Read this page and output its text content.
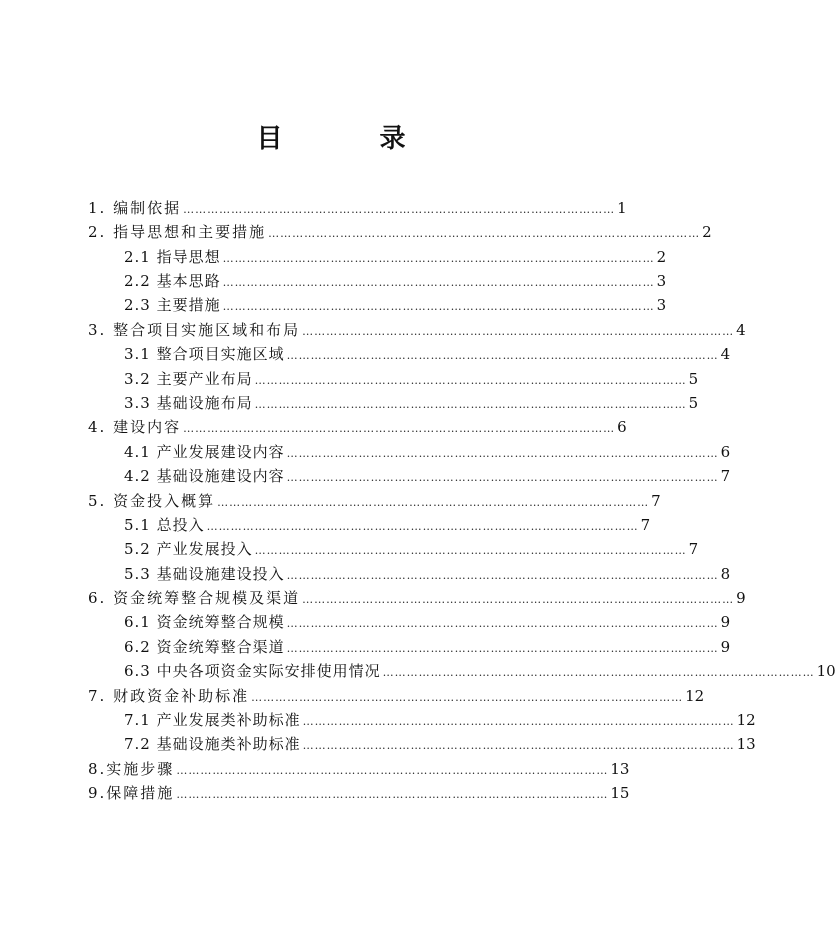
目 录
1. 编制依据 ……………………………………………………………………………………………… 1
2. 指导思想和主要措施 ……………………………………………………………………………………………… 2
2.1 指导思想 ……………………………………………………………………………………………… 2
2.2 基本思路 ……………………………………………………………………………………………… 3
2.3 主要措施 ……………………………………………………………………………………………… 3
3. 整合项目实施区域和布局 ……………………………………………………………………………………………… 4
3.1 整合项目实施区域 ……………………………………………………………………………………………… 4
3.2 主要产业布局 ……………………………………………………………………………………………… 5
3.3 基础设施布局 ……………………………………………………………………………………………… 5
4. 建设内容 ……………………………………………………………………………………………… 6
4.1 产业发展建设内容 ……………………………………………………………………………………………… 6
4.2 基础设施建设内容 ……………………………………………………………………………………………… 7
5. 资金投入概算 ……………………………………………………………………………………………… 7
5.1 总投入 ……………………………………………………………………………………………… 7
5.2 产业发展投入 ……………………………………………………………………………………………… 7
5.3 基础设施建设投入 ……………………………………………………………………………………………… 8
6. 资金统筹整合规模及渠道 ……………………………………………………………………………………………… 9
6.1 资金统筹整合规模 ……………………………………………………………………………………………… 9
6.2 资金统筹整合渠道 ……………………………………………………………………………………………… 9
6.3 中央各项资金实际安排使用情况 ……………………………………………………………………………………………… 10
7. 财政资金补助标准 ……………………………………………………………………………………………… 12
7.1 产业发展类补助标准 ……………………………………………………………………………………………… 12
7.2 基础设施类补助标准 ……………………………………………………………………………………………… 13
8.实施步骤 ……………………………………………………………………………………………… 13
9.保障措施 ……………………………………………………………………………………………… 15
